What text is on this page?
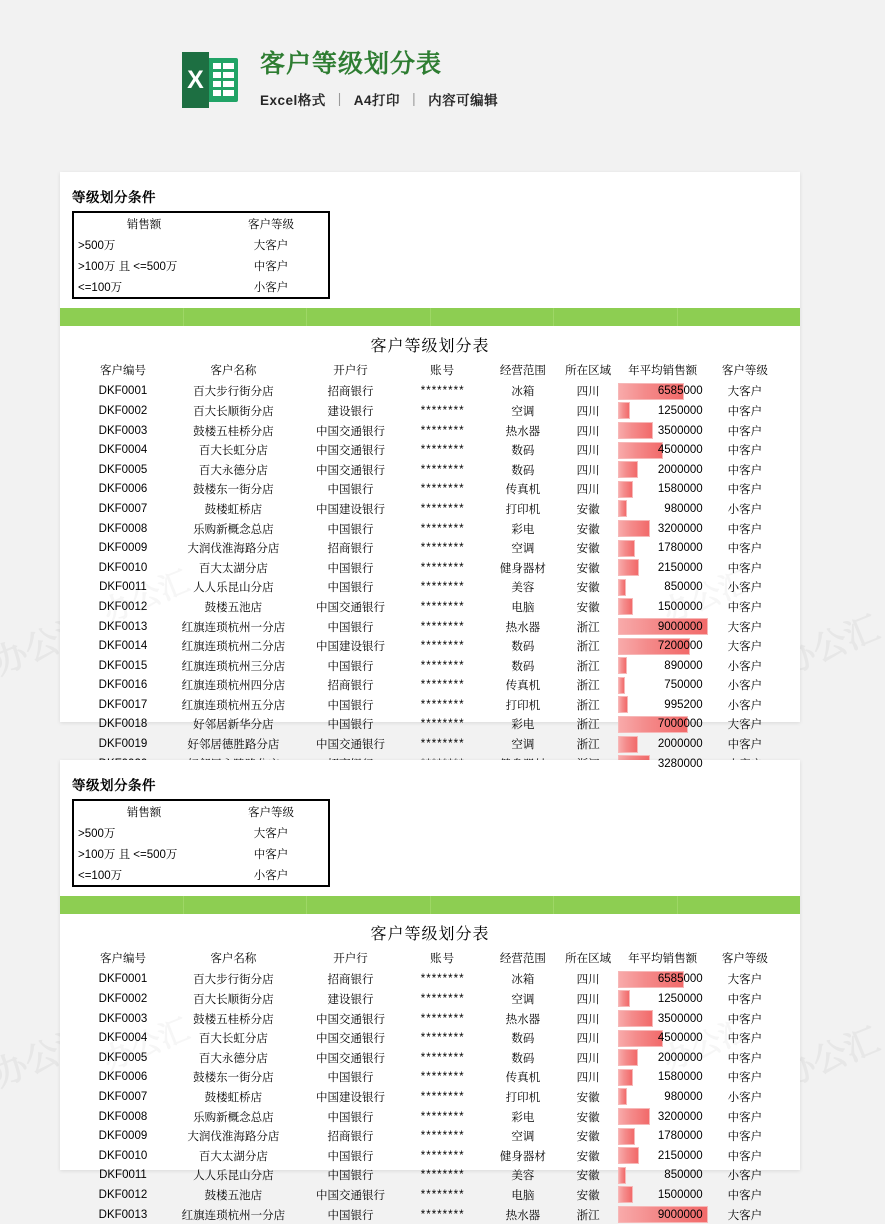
X
客户等级划分表
Excel格式 | A4打印 | 内容可编辑
等级划分条件
销售额	客户等级
>500万	大客户
>100万 且 <=500万	中客户
<=100万	小客户
客户等级划分表
客户编号	客户名称	开户行	账号	经营范围	所在区域	年平均销售额	客户等级
DKF0001	百大步行街分店	招商银行	********	冰箱	四川	6585000	大客户
DKF0002	百大长顺街分店	建设银行	********	空调	四川	1250000	中客户
DKF0003	鼓楼五桂桥分店	中国交通银行	********	热水器	四川	3500000	中客户
DKF0004	百大长虹分店	中国交通银行	********	数码	四川	4500000	中客户
DKF0005	百大永德分店	中国交通银行	********	数码	四川	2000000	中客户
DKF0006	鼓楼东一街分店	中国银行	********	传真机	四川	1580000	中客户
DKF0007	鼓楼虹桥店	中国建设银行	********	打印机	安徽	980000	小客户
DKF0008	乐购新概念总店	中国银行	********	彩电	安徽	3200000	中客户
DKF0009	大润伐淮海路分店	招商银行	********	空调	安徽	1780000	中客户
DKF0010	百大太湖分店	中国银行	********	健身器材	安徽	2150000	中客户
DKF0011	人人乐昆山分店	中国银行	********	美容	安徽	850000	小客户
DKF0012	鼓楼五池店	中国交通银行	********	电脑	安徽	1500000	中客户
DKF0013	红旗连琐杭州一分店	中国银行	********	热水器	浙江	9000000	大客户
DKF0014	红旗连琐杭州二分店	中国建设银行	********	数码	浙江	7200000	大客户
DKF0015	红旗连琐杭州三分店	中国银行	********	数码	浙江	890000	小客户
DKF0016	红旗连琐杭州四分店	招商银行	********	传真机	浙江	750000	小客户
DKF0017	红旗连琐杭州五分店	中国银行	********	打印机	浙江	995200	小客户
DKF0018	好邻居新华分店	中国银行	********	彩电	浙江	7000000	大客户
DKF0019	好邻居德胜路分店	中国交通银行	********	空调	浙江	2000000	中客户

3280000

等级划分条件
销售额	客户等级
>500万	大客户
>100万 且 <=500万	中客户
<=100万	小客户
客户等级划分表
客户编号	客户名称	开户行	账号	经营范围	所在区域	年平均销售额	客户等级
DKF0001	百大步行街分店	招商银行	********	冰箱	四川	6585000	大客户
DKF0002	百大长顺街分店	建设银行	********	空调	四川	1250000	中客户
DKF0003	鼓楼五桂桥分店	中国交通银行	********	热水器	四川	3500000	中客户
DKF0004	百大长虹分店	中国交通银行	********	数码	四川	4500000	中客户
DKF0005	百大永德分店	中国交通银行	********	数码	四川	2000000	中客户
DKF0006	鼓楼东一街分店	中国银行	********	传真机	四川	1580000	中客户
DKF0007	鼓楼虹桥店	中国建设银行	********	打印机	安徽	980000	小客户
DKF0008	乐购新概念总店	中国银行	********	彩电	安徽	3200000	中客户
DKF0009	大润伐淮海路分店	招商银行	********	空调	安徽	1780000	中客户
DKF0010	百大太湖分店	中国银行	********	健身器材	安徽	2150000	中客户
DKF0011	人人乐昆山分店	中国银行	********	美容	安徽	850000	小客户
DKF0012	鼓楼五池店	中国交通银行	********	电脑	安徽	1500000	中客户
DKF0013	红旗连琐杭州一分店	中国银行	********	热水器	浙江	9000000	大客户
